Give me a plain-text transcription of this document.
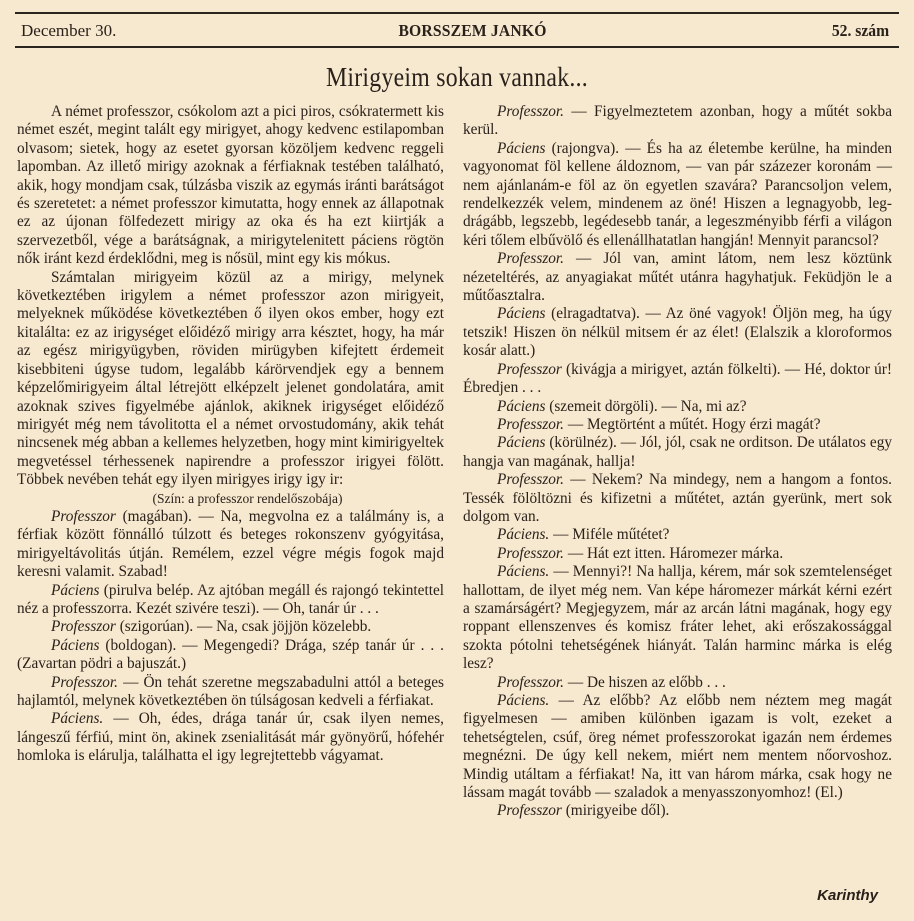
December 30.	BORSSZEM JANKÓ	52. szám
Mirigyeim sokan vannak...

A német professzor, csókolom azt a pici piros, csókratermett kis német eszét, megint talált egy mirigyet, ahogy kedvenc estilapomban olvasom; sietek, hogy az esetet gyorsan közöljem kedvenc reggeli lapomban. Az illető mirigy azoknak a férfiaknak testében található, akik, hogy mondjam csak, túlzásba viszik az egymás iránti barátságot és szeretetet: a német professzor kimutatta, hogy ennek az állapotnak ez az újonan fölfedezett mirigy az oka és ha ezt kiirtják a szervezetből, vége a barátságnak, a mirigytelenitett páciens rögtön nők iránt kezd érdeklődni, meg is nősül, mint egy kis mókus.

Számtalan mirigyeim közül az a mirigy, melynek következtében irigylem a német professzor azon mirigyeit, melyeknek működése következtében ő ilyen okos ember, hogy ezt kitalálta: ez az irigységet előidéző mirigy arra késztet, hogy, ha már az egész mirigyügyben, röviden mirügyben kifejtett érdemeit kisebbiteni úgyse tudom, legalább kárörvendjek egy a bennem képzelőmirigyeim által létrejött elképzelt jelenet gondolatára, amit azoknak szives figyelmébe ajánlok, akiknek irigységet előidéző mirigyét még nem távolitotta el a német orvostudomány, akik tehát nincsenek még abban a kellemes helyzetben, hogy mint kimirigyeltek megvetéssel térhessenek napirendre a professzor irigyei fölött. Többek nevében tehát egy ilyen mirigyes irigy igy ir:

(Szín: a professzor rendelőszobája)

Professzor (magában). — Na, megvolna ez a találmány is, a férfiak között fönnálló túlzott és beteges rokonszenv gyógyitása, mirigyeltávolitás útján. Remélem, ezzel végre mégis fogok majd keresni valamit. Szabad!

Páciens (pirulva belép. Az ajtóban megáll és rajongó tekintettel néz a professzorra. Kezét szivére teszi). — Oh, tanár úr . . .

Professzor (szigorúan). — Na, csak jöjjön közelebb.

Páciens (boldogan). — Megengedi? Drága, szép tanár úr . . . (Zavartan pödri a bajuszát.)

Professzor. — Ön tehát szeretne megszabadulni attól a beteges hajlamtól, melynek következtében ön túlságosan kedveli a férfiakat.

Páciens. — Oh, édes, drága tanár úr, csak ilyen nemes, lángeszű férfiú, mint ön, akinek zsenialitását már gyönyörű, hófehér homloka is elárulja, találhatta el igy legrejtettebb vágyamat.

Professzor. — Figyelmeztetem azonban, hogy a műtét sokba kerül.

Páciens (rajongva). — És ha az életembe kerülne, ha minden vagyonomat föl kellene áldoznom, — van pár százezer koronám — nem ajánlanám-e föl az ön egyetlen szavára? Parancsoljon velem, rendelkezzék velem, mindenem az öné! Hiszen a legnagyobb, legdrágább, legszebb, legédesebb tanár, a legeszményibb férfi a világon kéri tőlem elbűvölő és ellenállhatatlan hangján! Mennyit parancsol?

Professzor. — Jól van, amint látom, nem lesz köztünk nézeteltérés, az anyagiakat műtét utánra hagyhatjuk. Feküdjön le a műtőasztalra.

Páciens (elragadtatva). — Az öné vagyok! Öljön meg, ha úgy tetszik! Hiszen ön nélkül mitsem ér az élet! (Elalszik a kloroformos kosár alatt.)

Professzor (kivágja a mirigyet, aztán fölkelti). — Hé, doktor úr! Ébredjen . . .

Páciens (szemeit dörgöli). — Na, mi az?

Professzor. — Megtörtént a műtét. Hogy érzi magát?

Páciens (körülnéz). — Jól, jól, csak ne orditson. De utálatos egy hangja van magának, hallja!

Professzor. — Nekem? Na mindegy, nem a hangom a fontos. Tessék fölöltözni és kifizetni a műtétet, aztán gyerünk, mert sok dolgom van.

Páciens. — Miféle műtétet?

Professzor. — Hát ezt itten. Háromezer márka.

Páciens. — Mennyi?! Na hallja, kérem, már sok szemtelenséget hallottam, de ilyet még nem. Van képe háromezer márkát kérni ezért a szamárságért? Megjegyzem, már az arcán látni magának, hogy egy roppant ellenszenves és komisz fráter lehet, aki erőszakossággal szokta pótolni tehetségének hiányát. Talán harminc márka is elég lesz?

Professzor. — De hiszen az előbb . . .

Páciens. — Az előbb? Az előbb nem néztem meg magát figyelmesen — amiben különben igazam is volt, ezeket a tehetségtelen, csúf, öreg német professzorokat igazán nem érdemes megnézni. De úgy kell nekem, miért nem mentem nőorvoshoz. Mindig utáltam a férfiakat! Na, itt van három márka, csak hogy ne lássam magát tovább — szaladok a menyasszonyomhoz! (El.)

Professzor (mirigyeibe dől).

Karinthy
